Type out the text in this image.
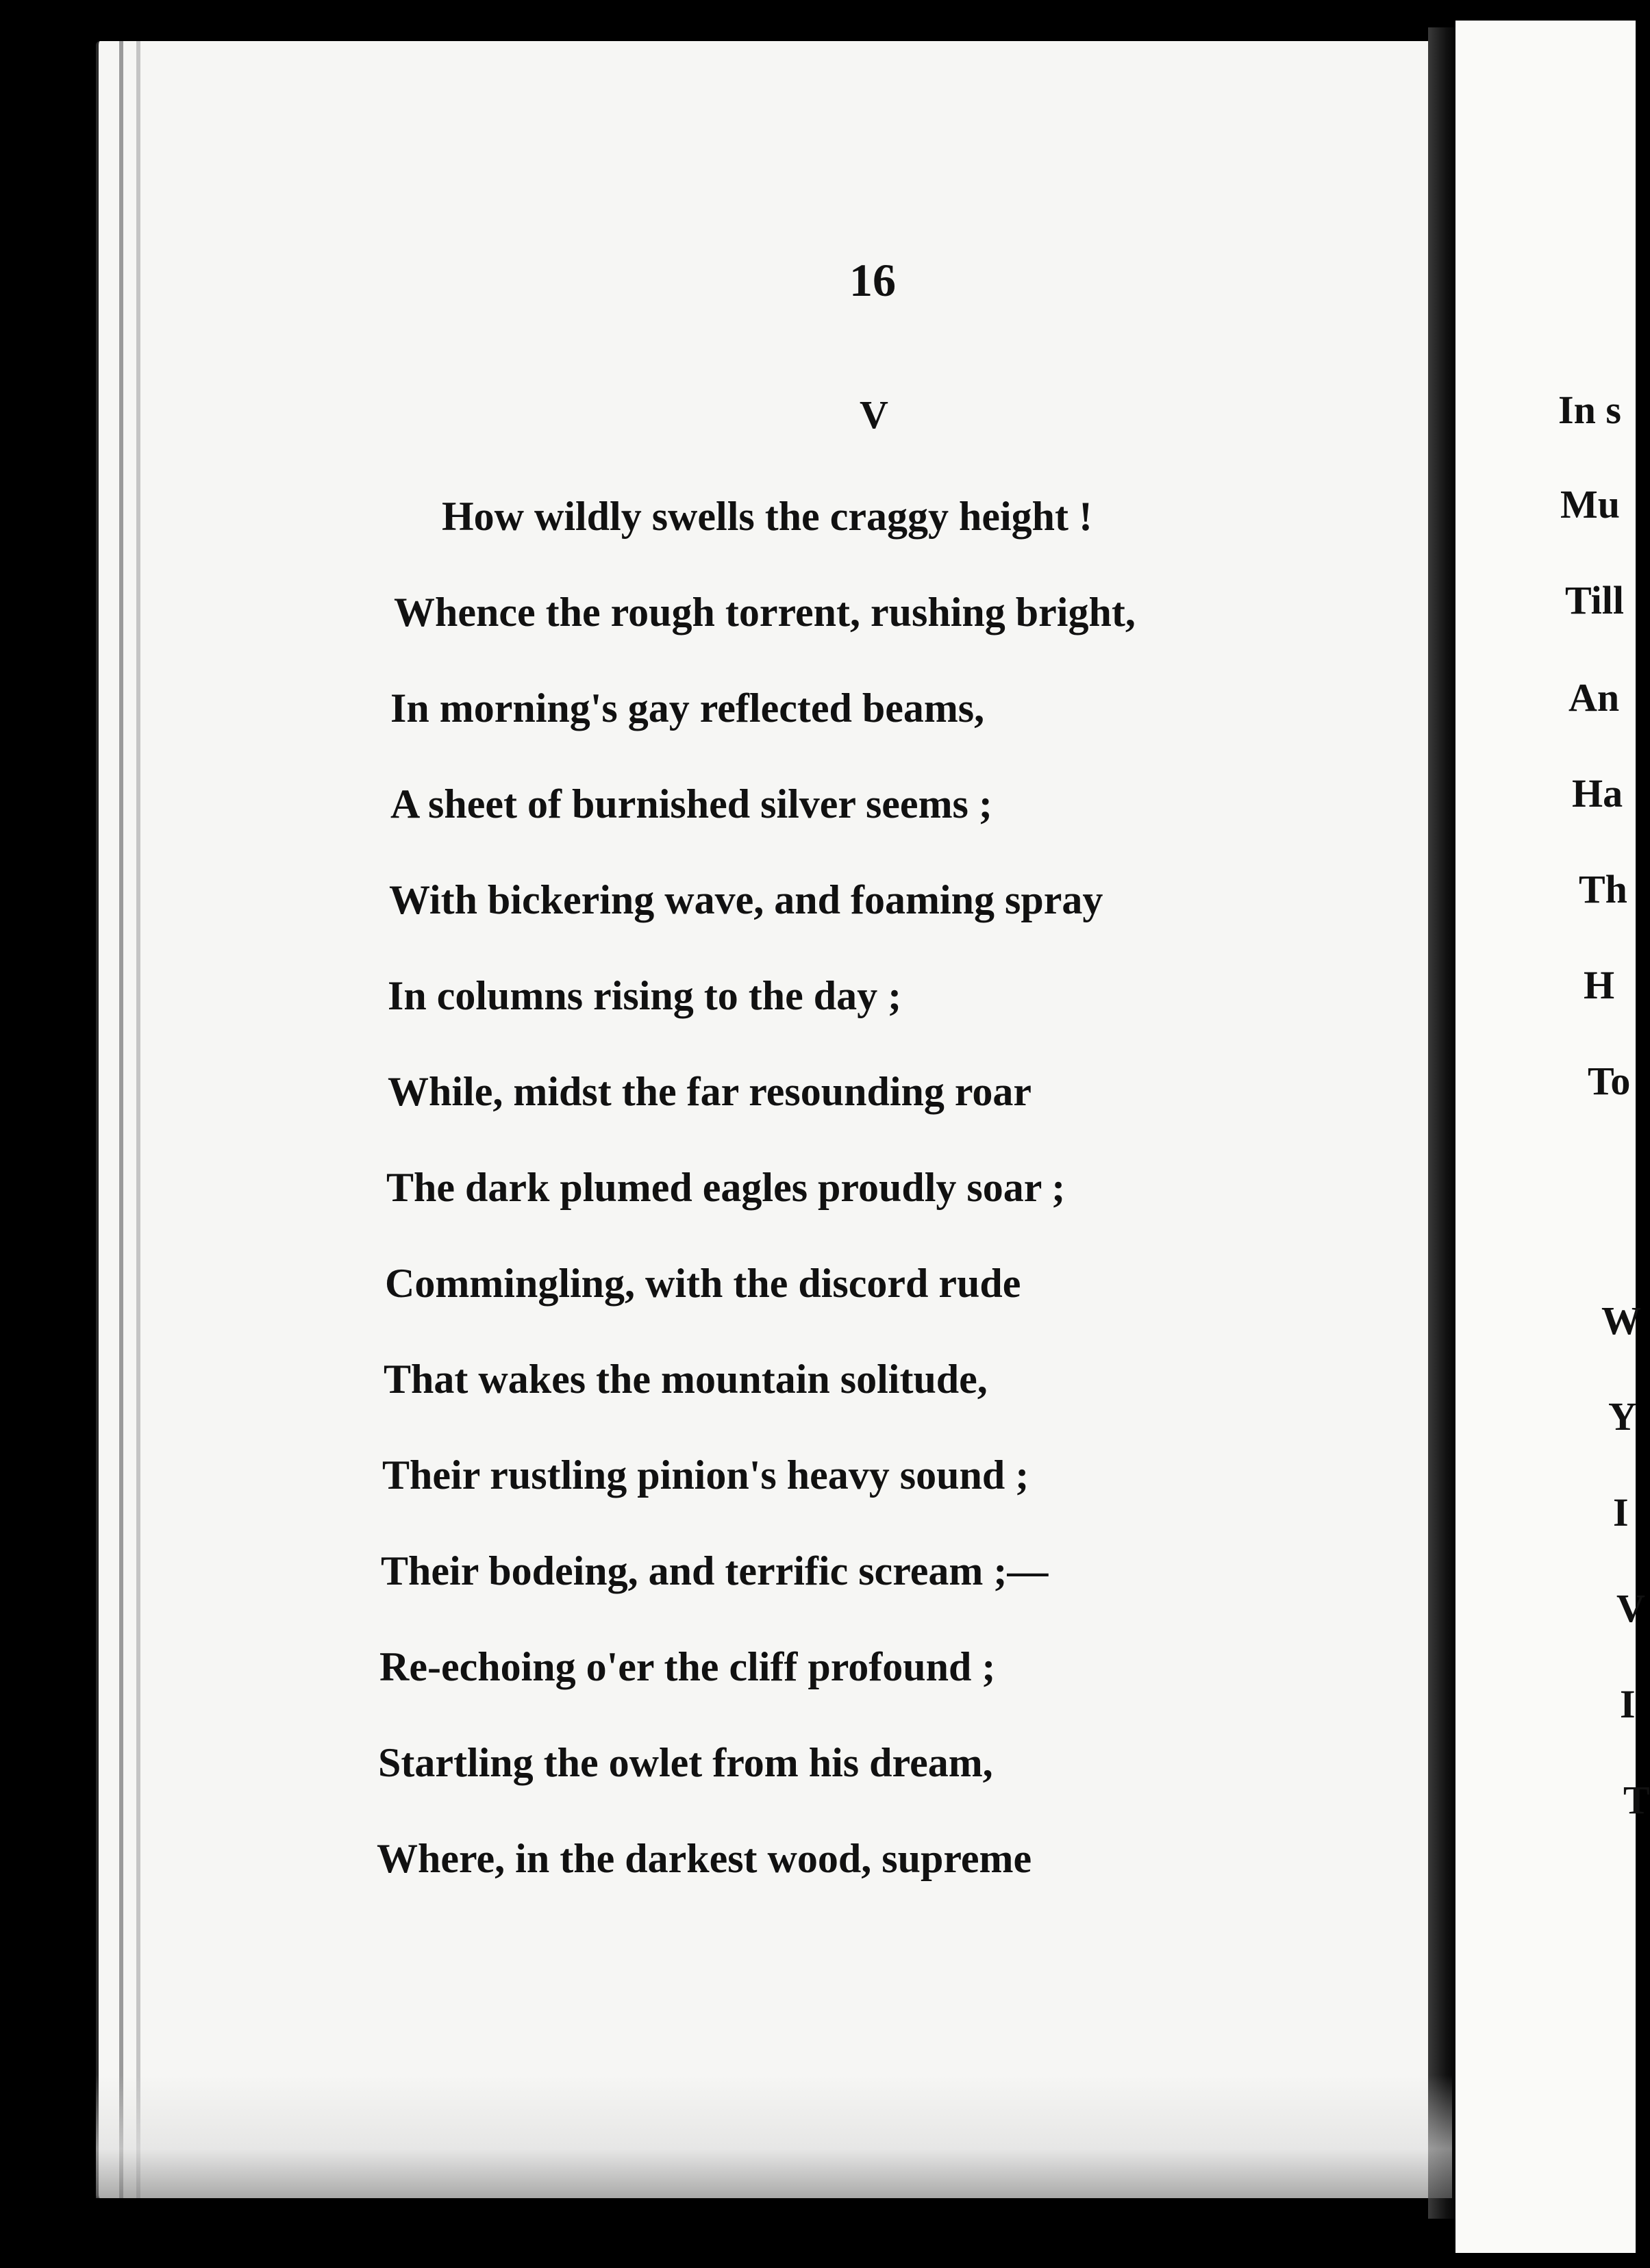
16
V
How wildly swells the craggy height !
Whence the rough torrent, rushing bright,
In morning's gay reflected beams,
A sheet of burnished silver seems ;
With bickering wave, and foaming spray
In columns rising to the day ;
While, midst the far resounding roar
The dark plumed eagles proudly soar ;
Commingling, with the discord rude
That wakes the mountain solitude,
Their rustling pinion's heavy sound ;
Their bodeing, and terrific scream ;—
Re-echoing o'er the cliff profound ;
Startling the owlet from his dream,
Where, in the darkest wood, supreme
In s
Mu
Till
An
Ha
Th
H
To
W
Y
I
V
I
T
